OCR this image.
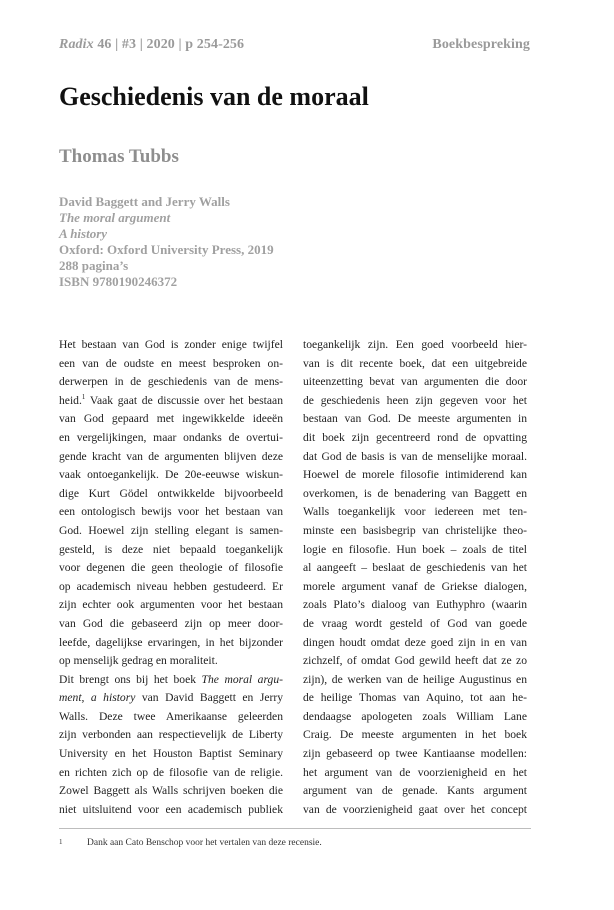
Radix 46 | #3 | 2020 | p 254-256	Boekbespreking
Geschiedenis van de moraal
Thomas Tubbs
David Baggett and Jerry Walls
The moral argument
A history
Oxford: Oxford University Press, 2019
288 pagina’s
ISBN 9780190246372
Het bestaan van God is zonder enige twijfel
een van de oudste en meest besproken on-
derwerpen in de geschiedenis van de mens-
heid.$^1$ Vaak gaat de discussie over het bestaan
van God gepaard met ingewikkelde ideeën
en vergelijkingen, maar ondanks de overtui-
gende kracht van de argumenten blijven deze
vaak ontoegankelijk. De 20e-eeuwse wiskun-
dige Kurt Gödel ontwikkelde bijvoorbeeld
een ontologisch bewijs voor het bestaan van
God. Hoewel zijn stelling elegant is samen-
gesteld, is deze niet bepaald toegankelijk
voor degenen die geen theologie of filosofie
op academisch niveau hebben gestudeerd. Er
zijn echter ook argumenten voor het bestaan
van God die gebaseerd zijn op meer door-
leefde, dagelijkse ervaringen, in het bijzonder
op menselijk gedrag en moraliteit.
Dit brengt ons bij het boek The moral argu-
ment, a history van David Baggett en Jerry
Walls. Deze twee Amerikaanse geleerden
zijn verbonden aan respectievelijk de Liberty
University en het Houston Baptist Seminary
en richten zich op de filosofie van de religie.
Zowel Baggett als Walls schrijven boeken die
niet uitsluitend voor een academisch publiek
toegankelijk zijn. Een goed voorbeeld hier-
van is dit recente boek, dat een uitgebreide
uiteenzetting bevat van argumenten die door
de geschiedenis heen zijn gegeven voor het
bestaan van God. De meeste argumenten in
dit boek zijn gecentreerd rond de opvatting
dat God de basis is van de menselijke moraal.
Hoewel de morele filosofie intimiderend kan
overkomen, is de benadering van Baggett en
Walls toegankelijk voor iedereen met ten-
minste een basisbegrip van christelijke theo-
logie en filosofie. Hun boek – zoals de titel
al aangeeft – beslaat de geschiedenis van het
morele argument vanaf de Griekse dialogen,
zoals Plato’s dialoog van Euthyphro (waarin
de vraag wordt gesteld of God van goede
dingen houdt omdat deze goed zijn in en van
zichzelf, of omdat God gewild heeft dat ze zo
zijn), de werken van de heilige Augustinus en
de heilige Thomas van Aquino, tot aan he-
dendaagse apologeten zoals William Lane
Craig. De meeste argumenten in het boek
zijn gebaseerd op twee Kantiaanse modellen:
het argument van de voorzienigheid en het
argument van de genade. Kants argument
van de voorzienigheid gaat over het concept
1	Dank aan Cato Benschop voor het vertalen van deze recensie.
